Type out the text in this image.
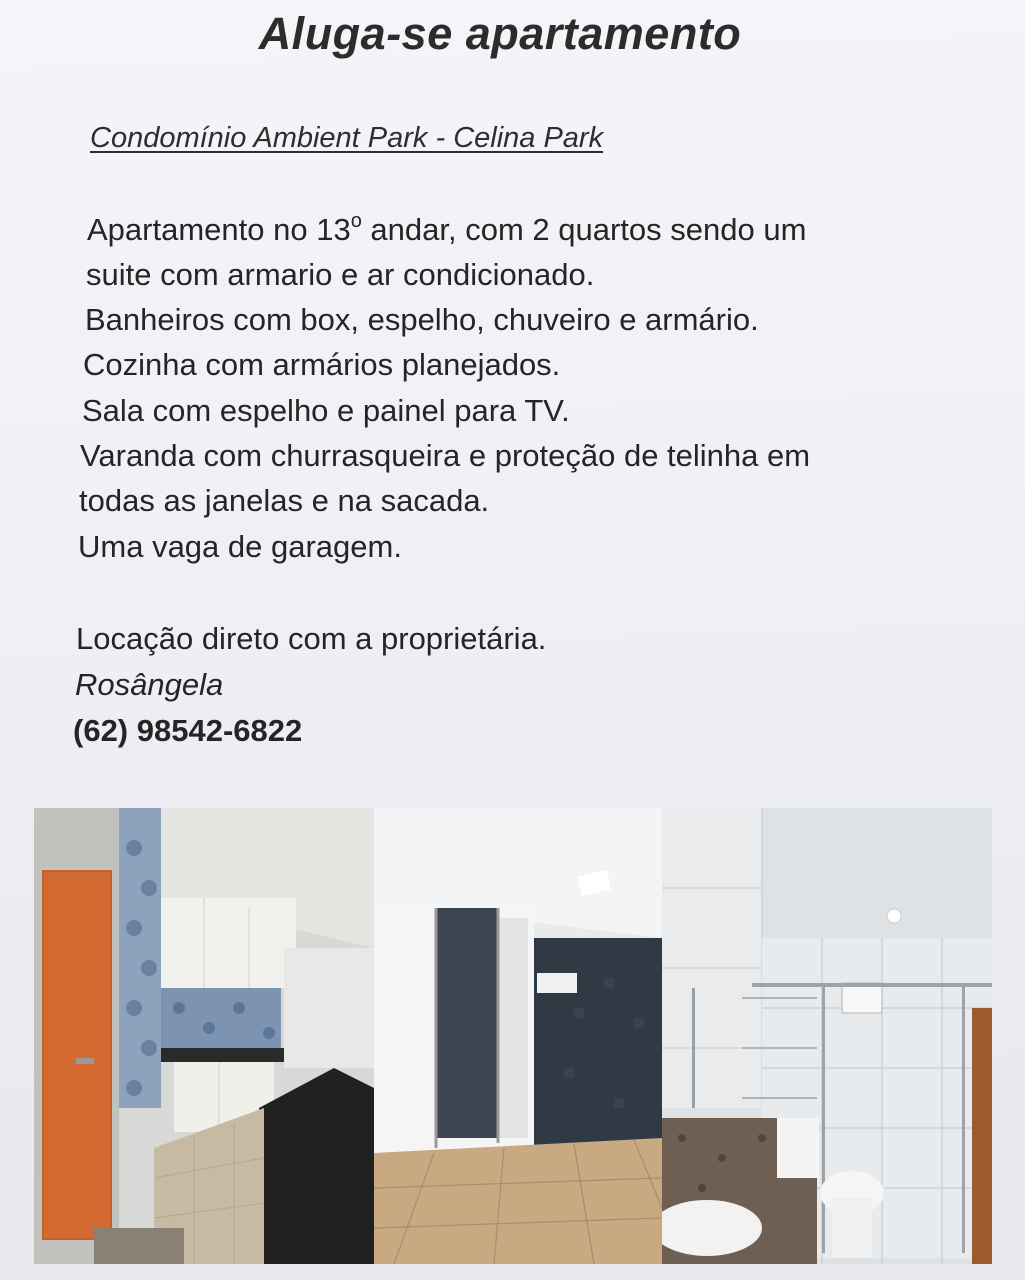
Aluga-se apartamento
Condomínio Ambient Park - Celina Park
Apartamento no 13$^o$ andar, com 2 quartos sendo um
suite com armario e ar condicionado.
Banheiros com box, espelho, chuveiro e armário.
Cozinha com armários planejados.
Sala com espelho e painel para TV.
Varanda com churrasqueira e proteção de telinha em
todas as janelas e na sacada.
Uma vaga de garagem.
Locação direto com a proprietária.
Rosângela
(62) 98542-6822
